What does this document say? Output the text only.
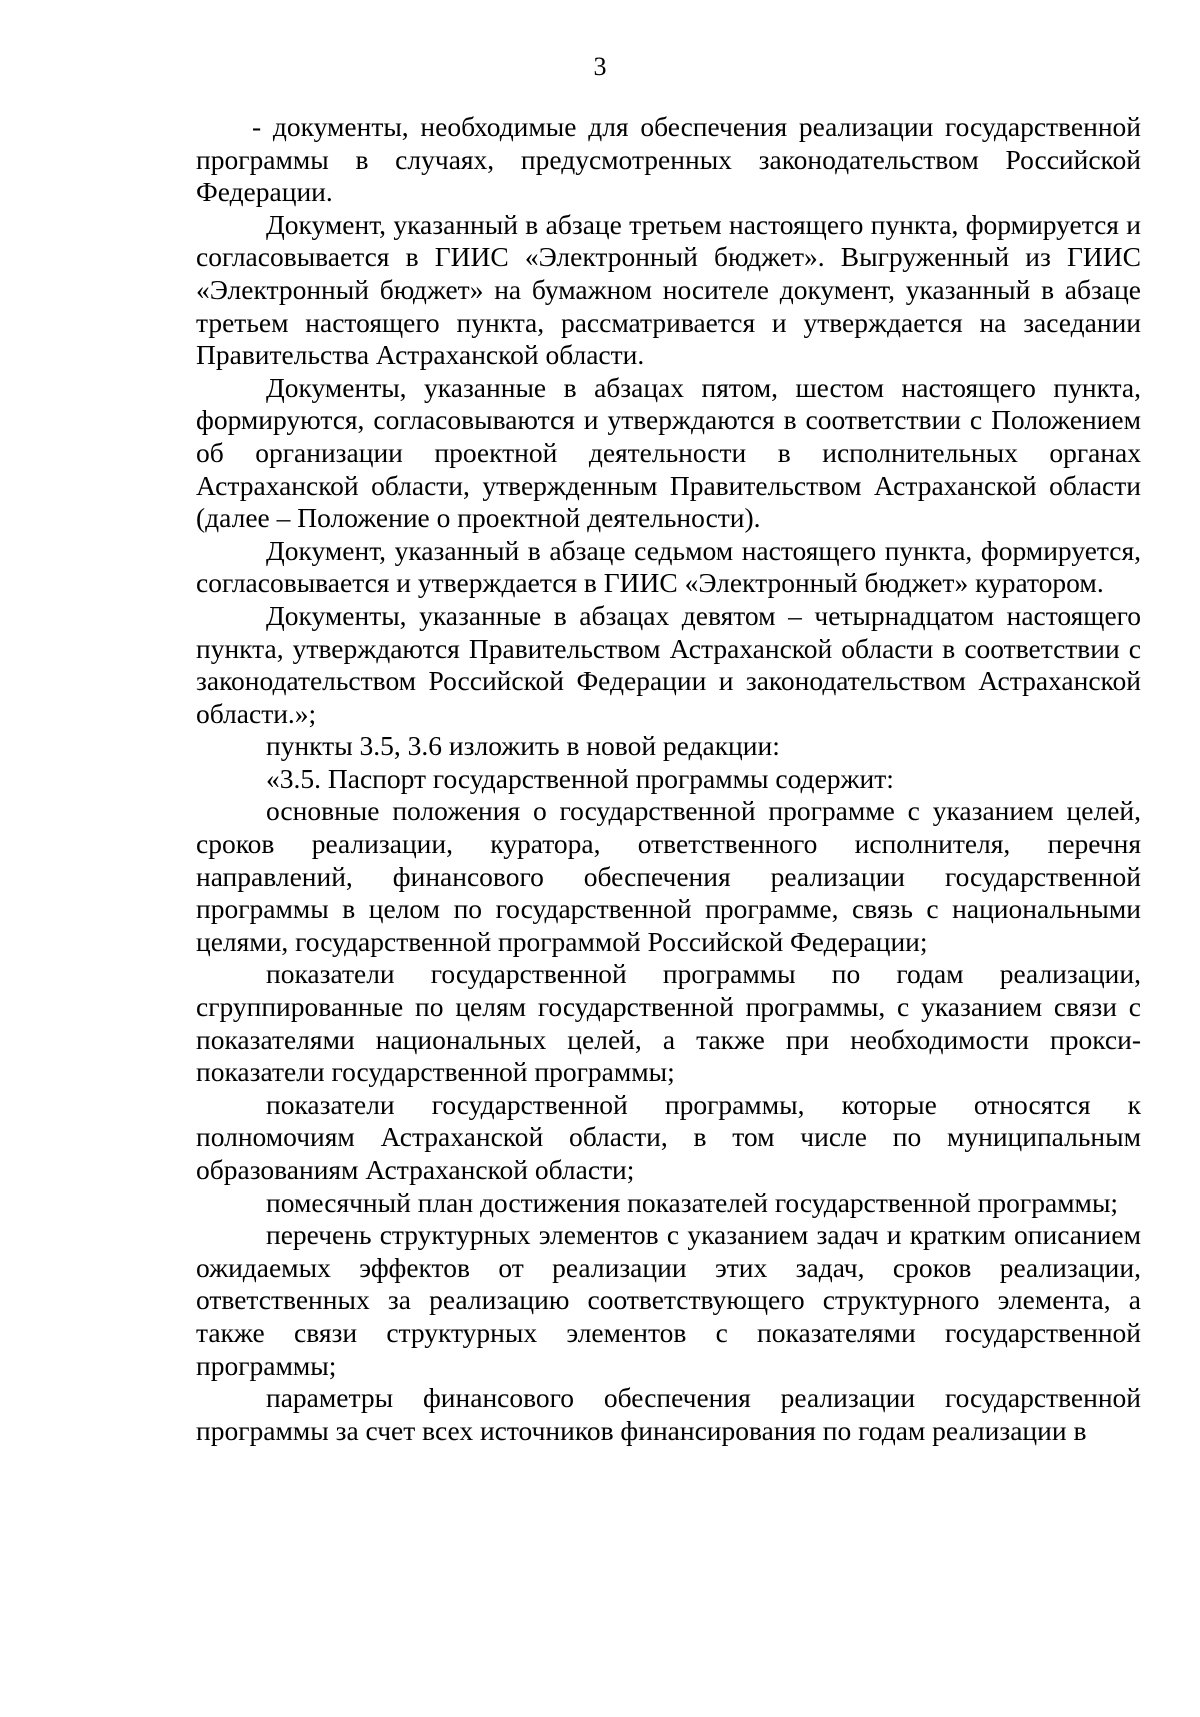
3

- документы, необходимые для обеспечения реализации государственной программы в случаях, предусмотренных законодательством Российской Федерации.

Документ, указанный в абзаце третьем настоящего пункта, формируется и согласовывается в ГИИС «Электронный бюджет». Выгруженный из ГИИС «Электронный бюджет» на бумажном носителе документ, указанный в абзаце третьем настоящего пункта, рассматривается и утверждается на заседании Правительства Астраханской области.

Документы, указанные в абзацах пятом, шестом настоящего пункта, формируются, согласовываются и утверждаются в соответствии с Положением об организации проектной деятельности в исполнительных органах Астраханской области, утвержденным Правительством Астраханской области (далее – Положение о проектной деятельности).

Документ, указанный в абзаце седьмом настоящего пункта, формируется, согласовывается и утверждается в ГИИС «Электронный бюджет» куратором.

Документы, указанные в абзацах девятом – четырнадцатом настоящего пункта, утверждаются Правительством Астраханской области в соответствии с законодательством Российской Федерации и законодательством Астраханской области.»;

пункты 3.5, 3.6 изложить в новой редакции:

«3.5. Паспорт государственной программы содержит:

основные положения о государственной программе с указанием целей, сроков реализации, куратора, ответственного исполнителя, перечня направлений, финансового обеспечения реализации государственной программы в целом по государственной программе, связь с национальными целями, государственной программой Российской Федерации;

показатели государственной программы по годам реализации, сгруппированные по целям государственной программы, с указанием связи с показателями национальных целей, а также при необходимости прокси-показатели государственной программы;

показатели государственной программы, которые относятся к полномочиям Астраханской области, в том числе по муниципальным образованиям Астраханской области;

помесячный план достижения показателей государственной программы;

перечень структурных элементов с указанием задач и кратким описанием ожидаемых эффектов от реализации этих задач, сроков реализации, ответственных за реализацию соответствующего структурного элемента, а также связи структурных элементов с показателями государственной программы;

параметры финансового обеспечения реализации государственной программы за счет всех источников финансирования по годам реализации в
